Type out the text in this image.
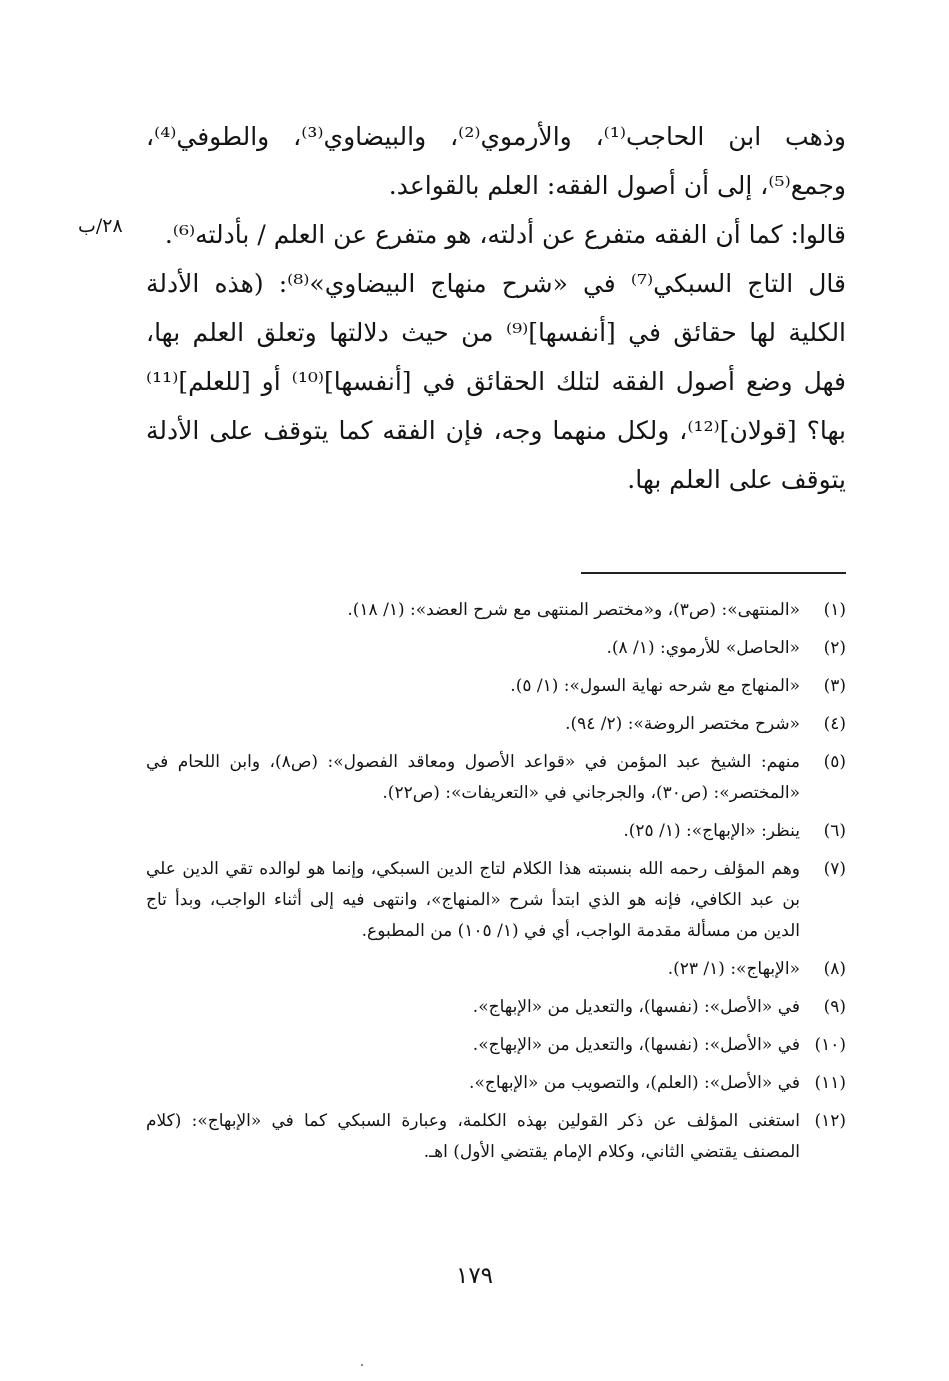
وذهب ابن الحاجب⁽¹⁾، والأرموي⁽²⁾، والبيضاوي⁽³⁾، والطوفي⁽⁴⁾، وجمع⁽⁵⁾، إلى أن أصول الفقه: العلم بالقواعد.

قالوا: كما أن الفقه متفرع عن أدلته، هو متفرع عن العلم / بأدلته⁽⁶⁾.

قال التاج السبكي⁽⁷⁾ في «شرح منهاج البيضاوي»⁽⁸⁾: (هذه الأدلة الكلية لها حقائق في [أنفسها]⁽⁹⁾ من حيث دلالتها وتعلق العلم بها، فهل وضع أصول الفقه لتلك الحقائق في [أنفسها]⁽¹⁰⁾ أو [للعلم]⁽¹¹⁾ بها؟ [قولان]⁽¹²⁾، ولكل منهما وجه، فإن الفقه كما يتوقف على الأدلة يتوقف على العلم بها.

٢٨/ب
(١)
«المنتهى»: (ص٣)، و«مختصر المنتهى مع شرح العضد»: (١/ ١٨).
(٢)
«الحاصل» للأرموي: (١/ ٨).
(٣)
«المنهاج مع شرحه نهاية السول»: (١/ ٥).
(٤)
«شرح مختصر الروضة»: (٢/ ٩٤).
(٥)
منهم: الشيخ عبد المؤمن في «قواعد الأصول ومعاقد الفصول»: (ص٨)، وابن اللحام في «المختصر»: (ص٣٠)، والجرجاني في «التعريفات»: (ص٢٢).
(٦)
ينظر: «الإبهاج»: (١/ ٢٥).
(٧)
وهم المؤلف رحمه الله بنسبته هذا الكلام لتاج الدين السبكي، وإنما هو لوالده تقي الدين علي بن عبد الكافي، فإنه هو الذي ابتدأ شرح «المنهاج»، وانتهى فيه إلى أثناء الواجب، وبدأ تاج الدين من مسألة مقدمة الواجب، أي في (١/ ١٠٥) من المطبوع.
(٨)
«الإبهاج»: (١/ ٢٣).
(٩)
في «الأصل»: (نفسها)، والتعديل من «الإبهاج».
(١٠)
في «الأصل»: (نفسها)، والتعديل من «الإبهاج».
(١١)
في «الأصل»: (العلم)، والتصويب من «الإبهاج».
(١٢)
استغنى المؤلف عن ذكر القولين بهذه الكلمة، وعبارة السبكي كما في «الإبهاج»: (كلام المصنف يقتضي الثاني، وكلام الإمام يقتضي الأول) اهـ.
١٧٩
